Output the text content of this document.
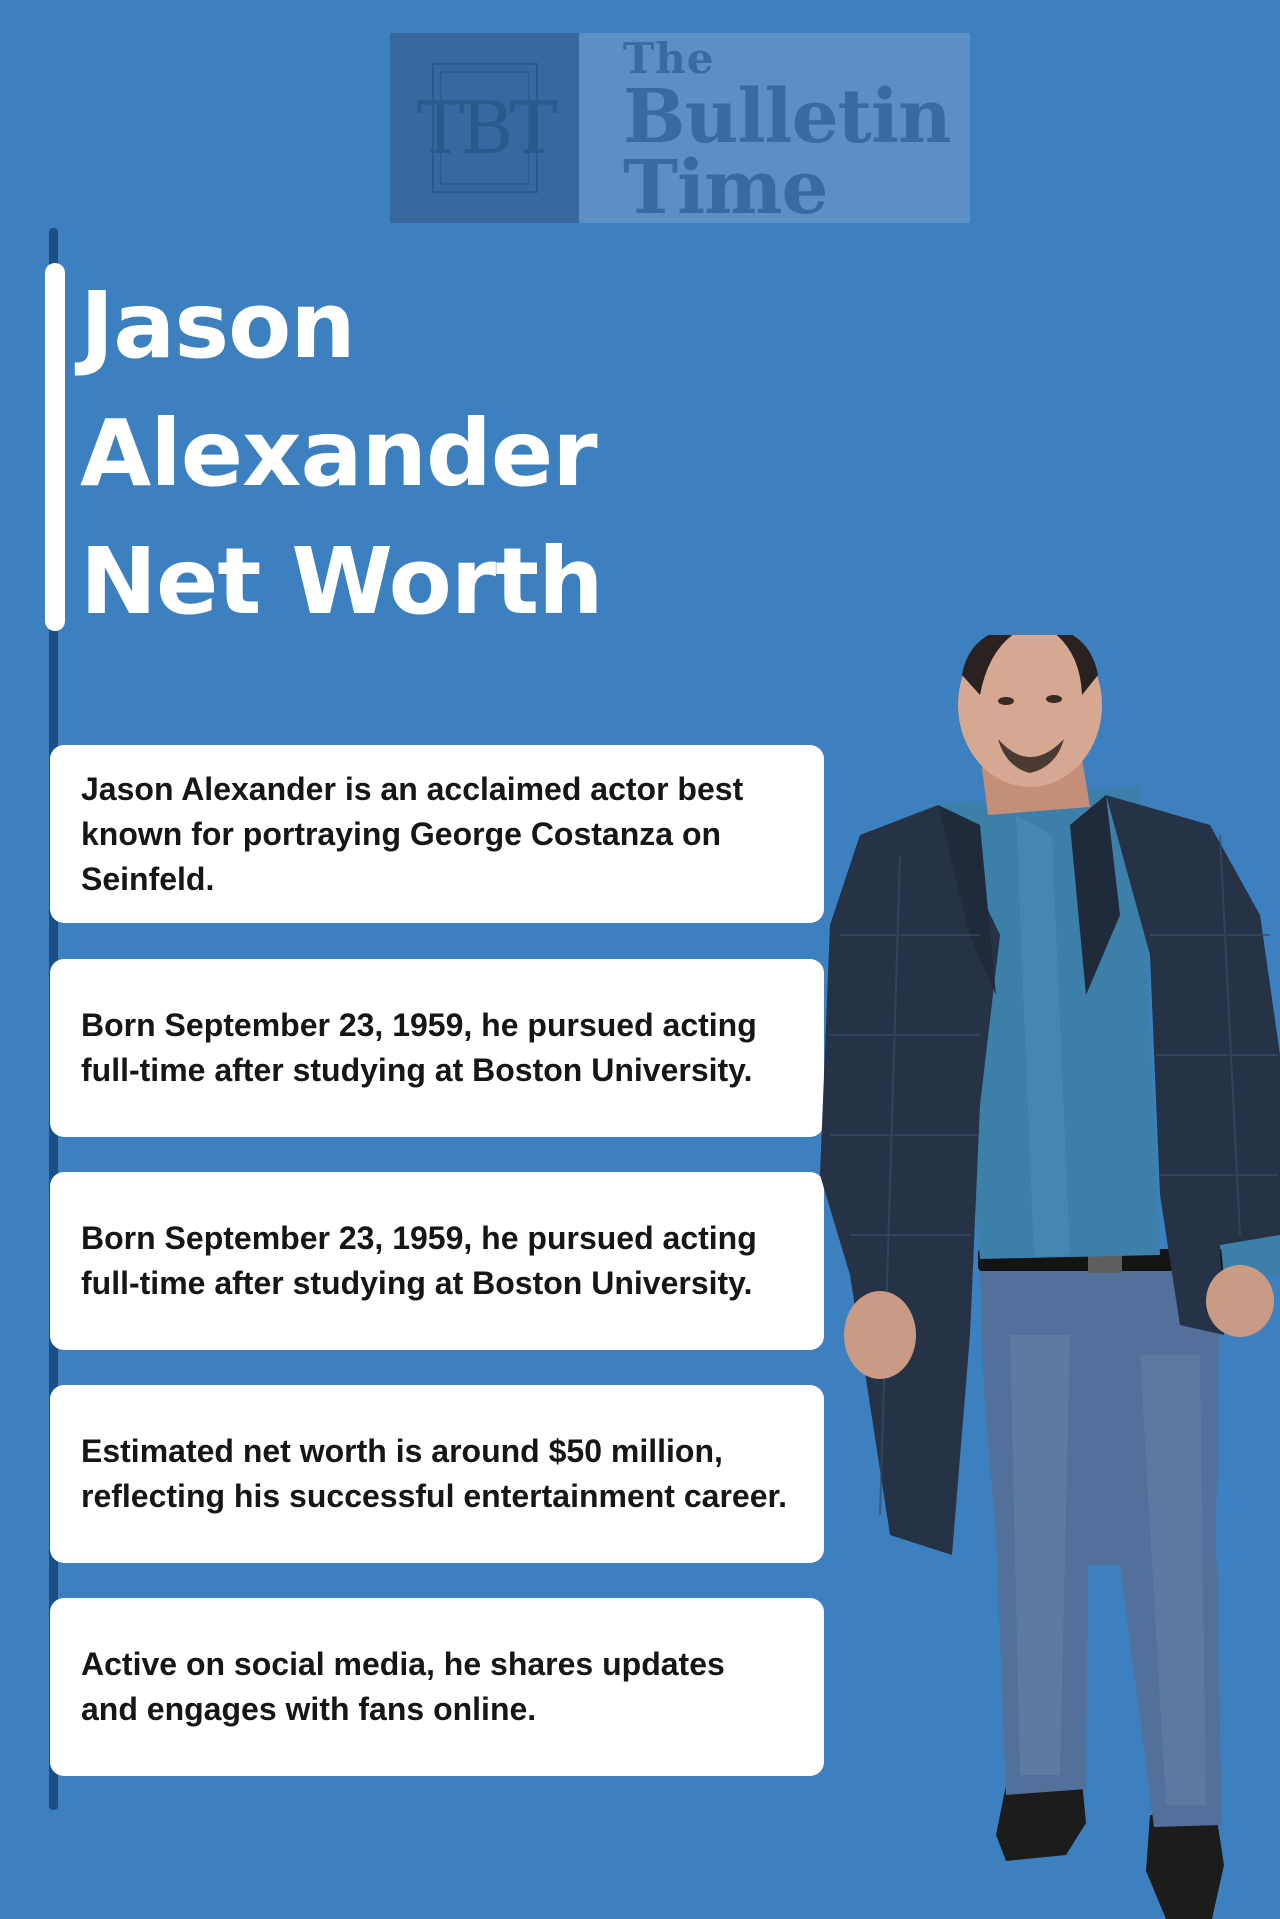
TBT
The
Bulletin
Time
Jason
Alexander
Net Worth

Jason Alexander is an acclaimed actor best known for portraying George Costanza on Seinfeld.

Born September 23, 1959, he pursued acting full-time after studying at Boston University.

Born September 23, 1959, he pursued acting full-time after studying at Boston University.

Estimated net worth is around $50 million, reflecting his successful entertainment career.

Active on social media, he shares updates and engages with fans online.
